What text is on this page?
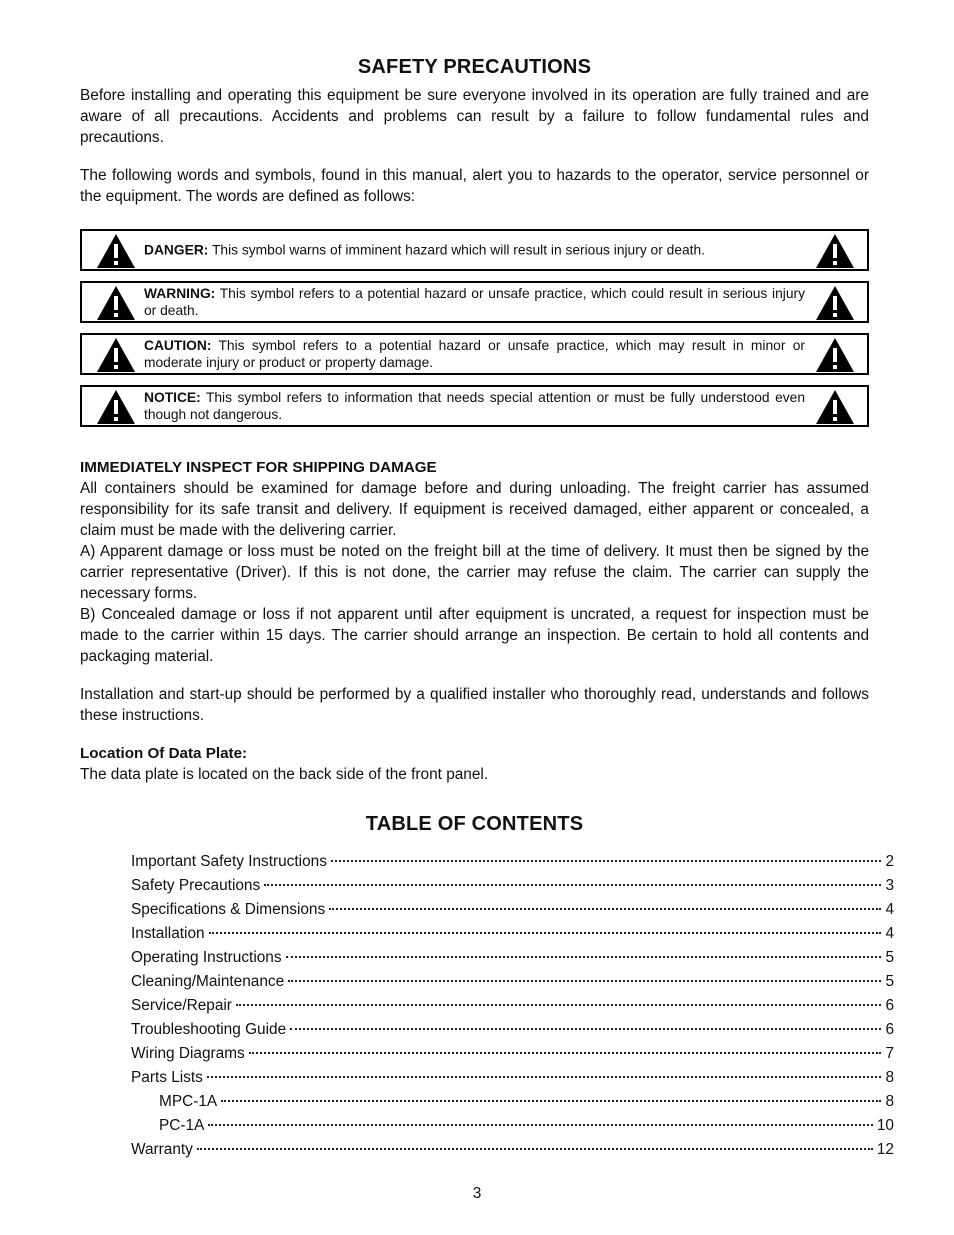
SAFETY PRECAUTIONS

Before installing and operating this equipment be sure everyone involved in its operation are fully trained and are aware of all precautions. Accidents and problems can result by a failure to follow fundamental rules and precautions.

The following words and symbols, found in this manual, alert you to hazards to the operator, service personnel or the equipment. The words are defined as follows:

DANGER: This symbol warns of imminent hazard which will result in serious injury or death.
WARNING: This symbol refers to a potential hazard or unsafe practice, which could result in serious injury or death.
CAUTION: This symbol refers to a potential hazard or unsafe practice, which may result in minor or moderate injury or product or property damage.
NOTICE: This symbol refers to information that needs special attention or must be fully understood even though not dangerous.
IMMEDIATELY INSPECT FOR SHIPPING DAMAGE

All containers should be examined for damage before and during unloading. The freight carrier has assumed responsibility for its safe transit and delivery. If equipment is received damaged, either apparent or concealed, a claim must be made with the delivering carrier.

A) Apparent damage or loss must be noted on the freight bill at the time of delivery. It must then be signed by the carrier representative (Driver). If this is not done, the carrier may refuse the claim. The carrier can supply the necessary forms.

B) Concealed damage or loss if not apparent until after equipment is uncrated, a request for inspection must be made to the carrier within 15 days. The carrier should arrange an inspection. Be certain to hold all contents and packaging material.

Installation and start-up should be performed by a qualified installer who thoroughly read, understands and follows these instructions.

Location Of Data Plate:

The data plate is located on the back side of the front panel.

TABLE OF CONTENTS
Important Safety Instructions	2
Safety Precautions	3
Specifications & Dimensions	4
Installation	4
Operating Instructions	5
Cleaning/Maintenance	5
Service/Repair	6
Troubleshooting Guide	6
Wiring Diagrams	7
Parts Lists	8
MPC-1A	8
PC-1A	10
Warranty	12
3
